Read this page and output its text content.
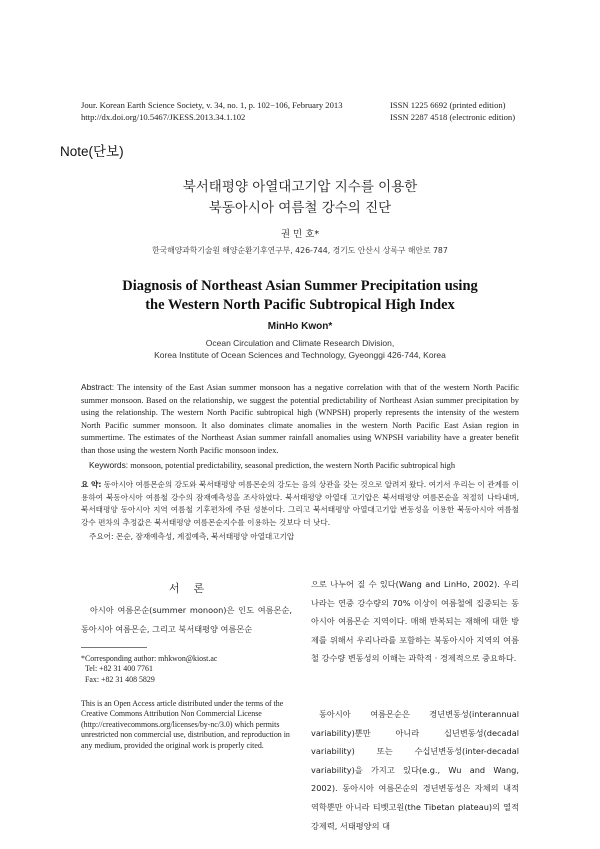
Jour. Korean Earth Science Society, v. 34, no. 1, p. 102−106, February 2013
http://dx.doi.org/10.5467/JKESS.2013.34.1.102
ISSN 1225 6692 (printed edition)
ISSN 2287 4518 (electronic edition)
Note(단보)
북서태평양 아열대고기압 지수를 이용한
북동아시아 여름철 강수의 진단
권 민 호*
한국해양과학기술원 해양순환기후연구부, 426-744, 경기도 안산시 상록구 해안로 787
Diagnosis of Northeast Asian Summer Precipitation using
the Western North Pacific Subtropical High Index
MinHo Kwon*
Ocean Circulation and Climate Research Division,
Korea Institute of Ocean Sciences and Technology, Gyeonggi 426-744, Korea
Abstract: The intensity of the East Asian summer monsoon has a negative correlation with that of the western North Pacific summer monsoon. Based on the relationship, we suggest the potential predictability of Northeast Asian summer precipitation by using the relationship. The western North Pacific subtropical high (WNPSH) properly represents the intensity of the western North Pacific summer monsoon. It also dominates climate anomalies in the western North Pacific East Asian region in summertime. The estimates of the Northeast Asian summer rainfall anomalies using WNPSH variability have a greater benefit than those using the western North Pacific monsoon index.
Keywords: monsoon, potential predictability, seasonal prediction, the western North Pacific subtropical high
요 약: 동아시아 여름몬순의 강도와 북서태평양 여름몬순의 강도는 음의 상관을 갖는 것으로 알려져 왔다. 여기서 우리는 이 관계를 이용하여 북동아시아 여름철 강수의 잠재예측성을 조사하였다. 북서태평양 아열대 고기압은 북서태평양 여름몬순을 적절히 나타내며, 북서태평양 동아시아 지역 여름철 기후편차에 주된 성분이다. 그리고 북서태평양 아열대고기압 변동성을 이용한 북동아시아 여름철 강수 편차의 추정값은 북서태평양 여름몬순지수를 이용하는 것보다 더 낫다.
주요어: 몬순, 잠재예측성, 계절예측, 북서태평양 아열대고기압
서    론
아시아 여름몬순(summer monoon)은 인도 여름몬순, 동아시아 여름몬순, 그리고 북서태평양 여름몬순
*Corresponding author: mhkwon@kiost.ac
Tel: +82 31 400 7761
Fax: +82 31 408 5829
This is an Open Access article distributed under the terms of the Creative Commons Attribution Non Commercial License (http://creativecommons.org/licenses/by-nc/3.0) which permits unrestricted non commercial use, distribution, and reproduction in any medium, provided the original work is properly cited.
으로 나누어 질 수 있다(Wang and LinHo, 2002). 우리나라는 연중 강수량의 70% 이상이 여름철에 집중되는 동아시아 여름몬순 지역이다. 매해 반복되는 재해에 대한 방제를 위해서 우리나라를 포함하는 북동아시아 지역의 여름철 강수량 변동성의 이해는 과학적 · 경제적으로 중요하다.
동아시아 여름몬순은 경년변동성(interannual variability)뿐만 아니라 십년변동성(decadal variability) 또는 수십년변동성(inter-decadal variability)을 가지고 있다(e.g., Wu and Wang, 2002). 동아시아 여름몬순의 경년변동성은 자체의 내적 역학뿐만 아니라 티벳고원(the Tibetan plateau)의 열적 강제력, 서태평양의 대
